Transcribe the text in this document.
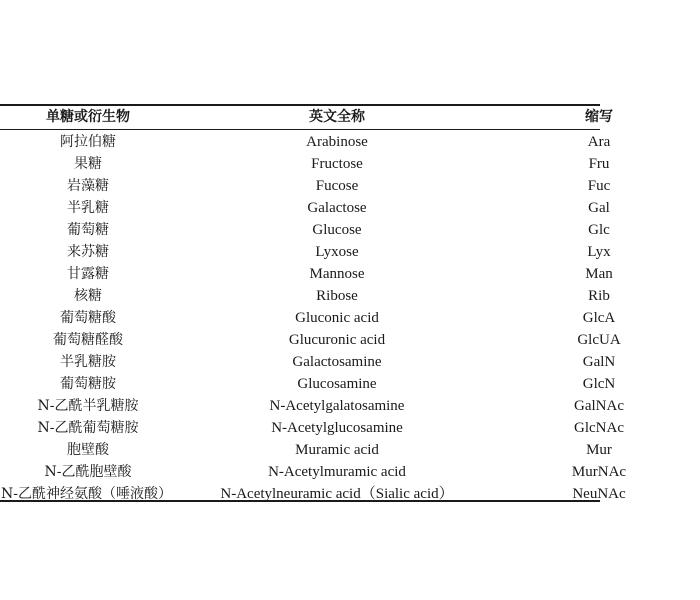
单糖或衍生物	英文全称	缩写
阿拉伯糖	Arabinose	Ara
果糖	Fructose	Fru
岩藻糖	Fucose	Fuc
半乳糖	Galactose	Gal
葡萄糖	Glucose	Glc
来苏糖	Lyxose	Lyx
甘露糖	Mannose	Man
核糖	Ribose	Rib
葡萄糖酸	Gluconic acid	GlcA
葡萄糖醛酸	Glucuronic acid	GlcUA
半乳糖胺	Galactosamine	GalN
葡萄糖胺	Glucosamine	GlcN
N-乙酰半乳糖胺	N-Acetylgalatosamine	GalNAc
N-乙酰葡萄糖胺	N-Acetylglucosamine	GlcNAc
胞壁酸	Muramic acid	Mur
N-乙酰胞壁酸	N-Acetylmuramic acid	MurNAc
N-乙酰神经氨酸（唾液酸）	N-Acetylneuramic acid（Sialic acid）	NeuNAc
